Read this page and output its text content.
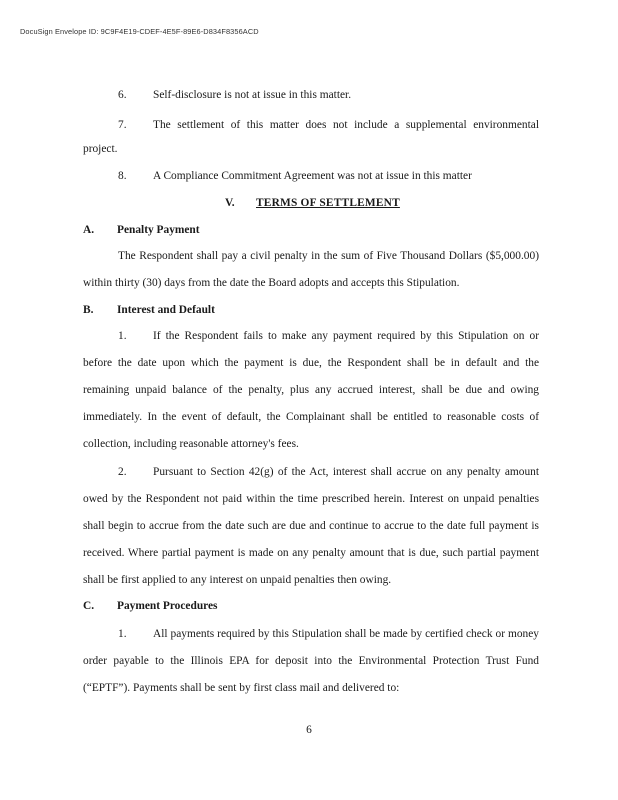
DocuSign Envelope ID: 9C9F4E19-CDEF-4E5F-89E6-D834F8356ACD
6. Self-disclosure is not at issue in this matter.
7. The settlement of this matter does not include a supplemental environmental
project.
8. A Compliance Commitment Agreement was not at issue in this matter
V. TERMS OF SETTLEMENT
A. Penalty Payment
The Respondent shall pay a civil penalty in the sum of Five Thousand Dollars ($5,000.00)
within thirty (30) days from the date the Board adopts and accepts this Stipulation.
B. Interest and Default
1. If the Respondent fails to make any payment required by this Stipulation on or
before the date upon which the payment is due, the Respondent shall be in default and the
remaining unpaid balance of the penalty, plus any accrued interest, shall be due and owing
immediately. In the event of default, the Complainant shall be entitled to reasonable costs of
collection, including reasonable attorney's fees.
2. Pursuant to Section 42(g) of the Act, interest shall accrue on any penalty amount
owed by the Respondent not paid within the time prescribed herein. Interest on unpaid penalties
shall begin to accrue from the date such are due and continue to accrue to the date full payment is
received. Where partial payment is made on any penalty amount that is due, such partial payment
shall be first applied to any interest on unpaid penalties then owing.
C. Payment Procedures
1. All payments required by this Stipulation shall be made by certified check or money
order payable to the Illinois EPA for deposit into the Environmental Protection Trust Fund
(“EPTF”). Payments shall be sent by first class mail and delivered to:
6
